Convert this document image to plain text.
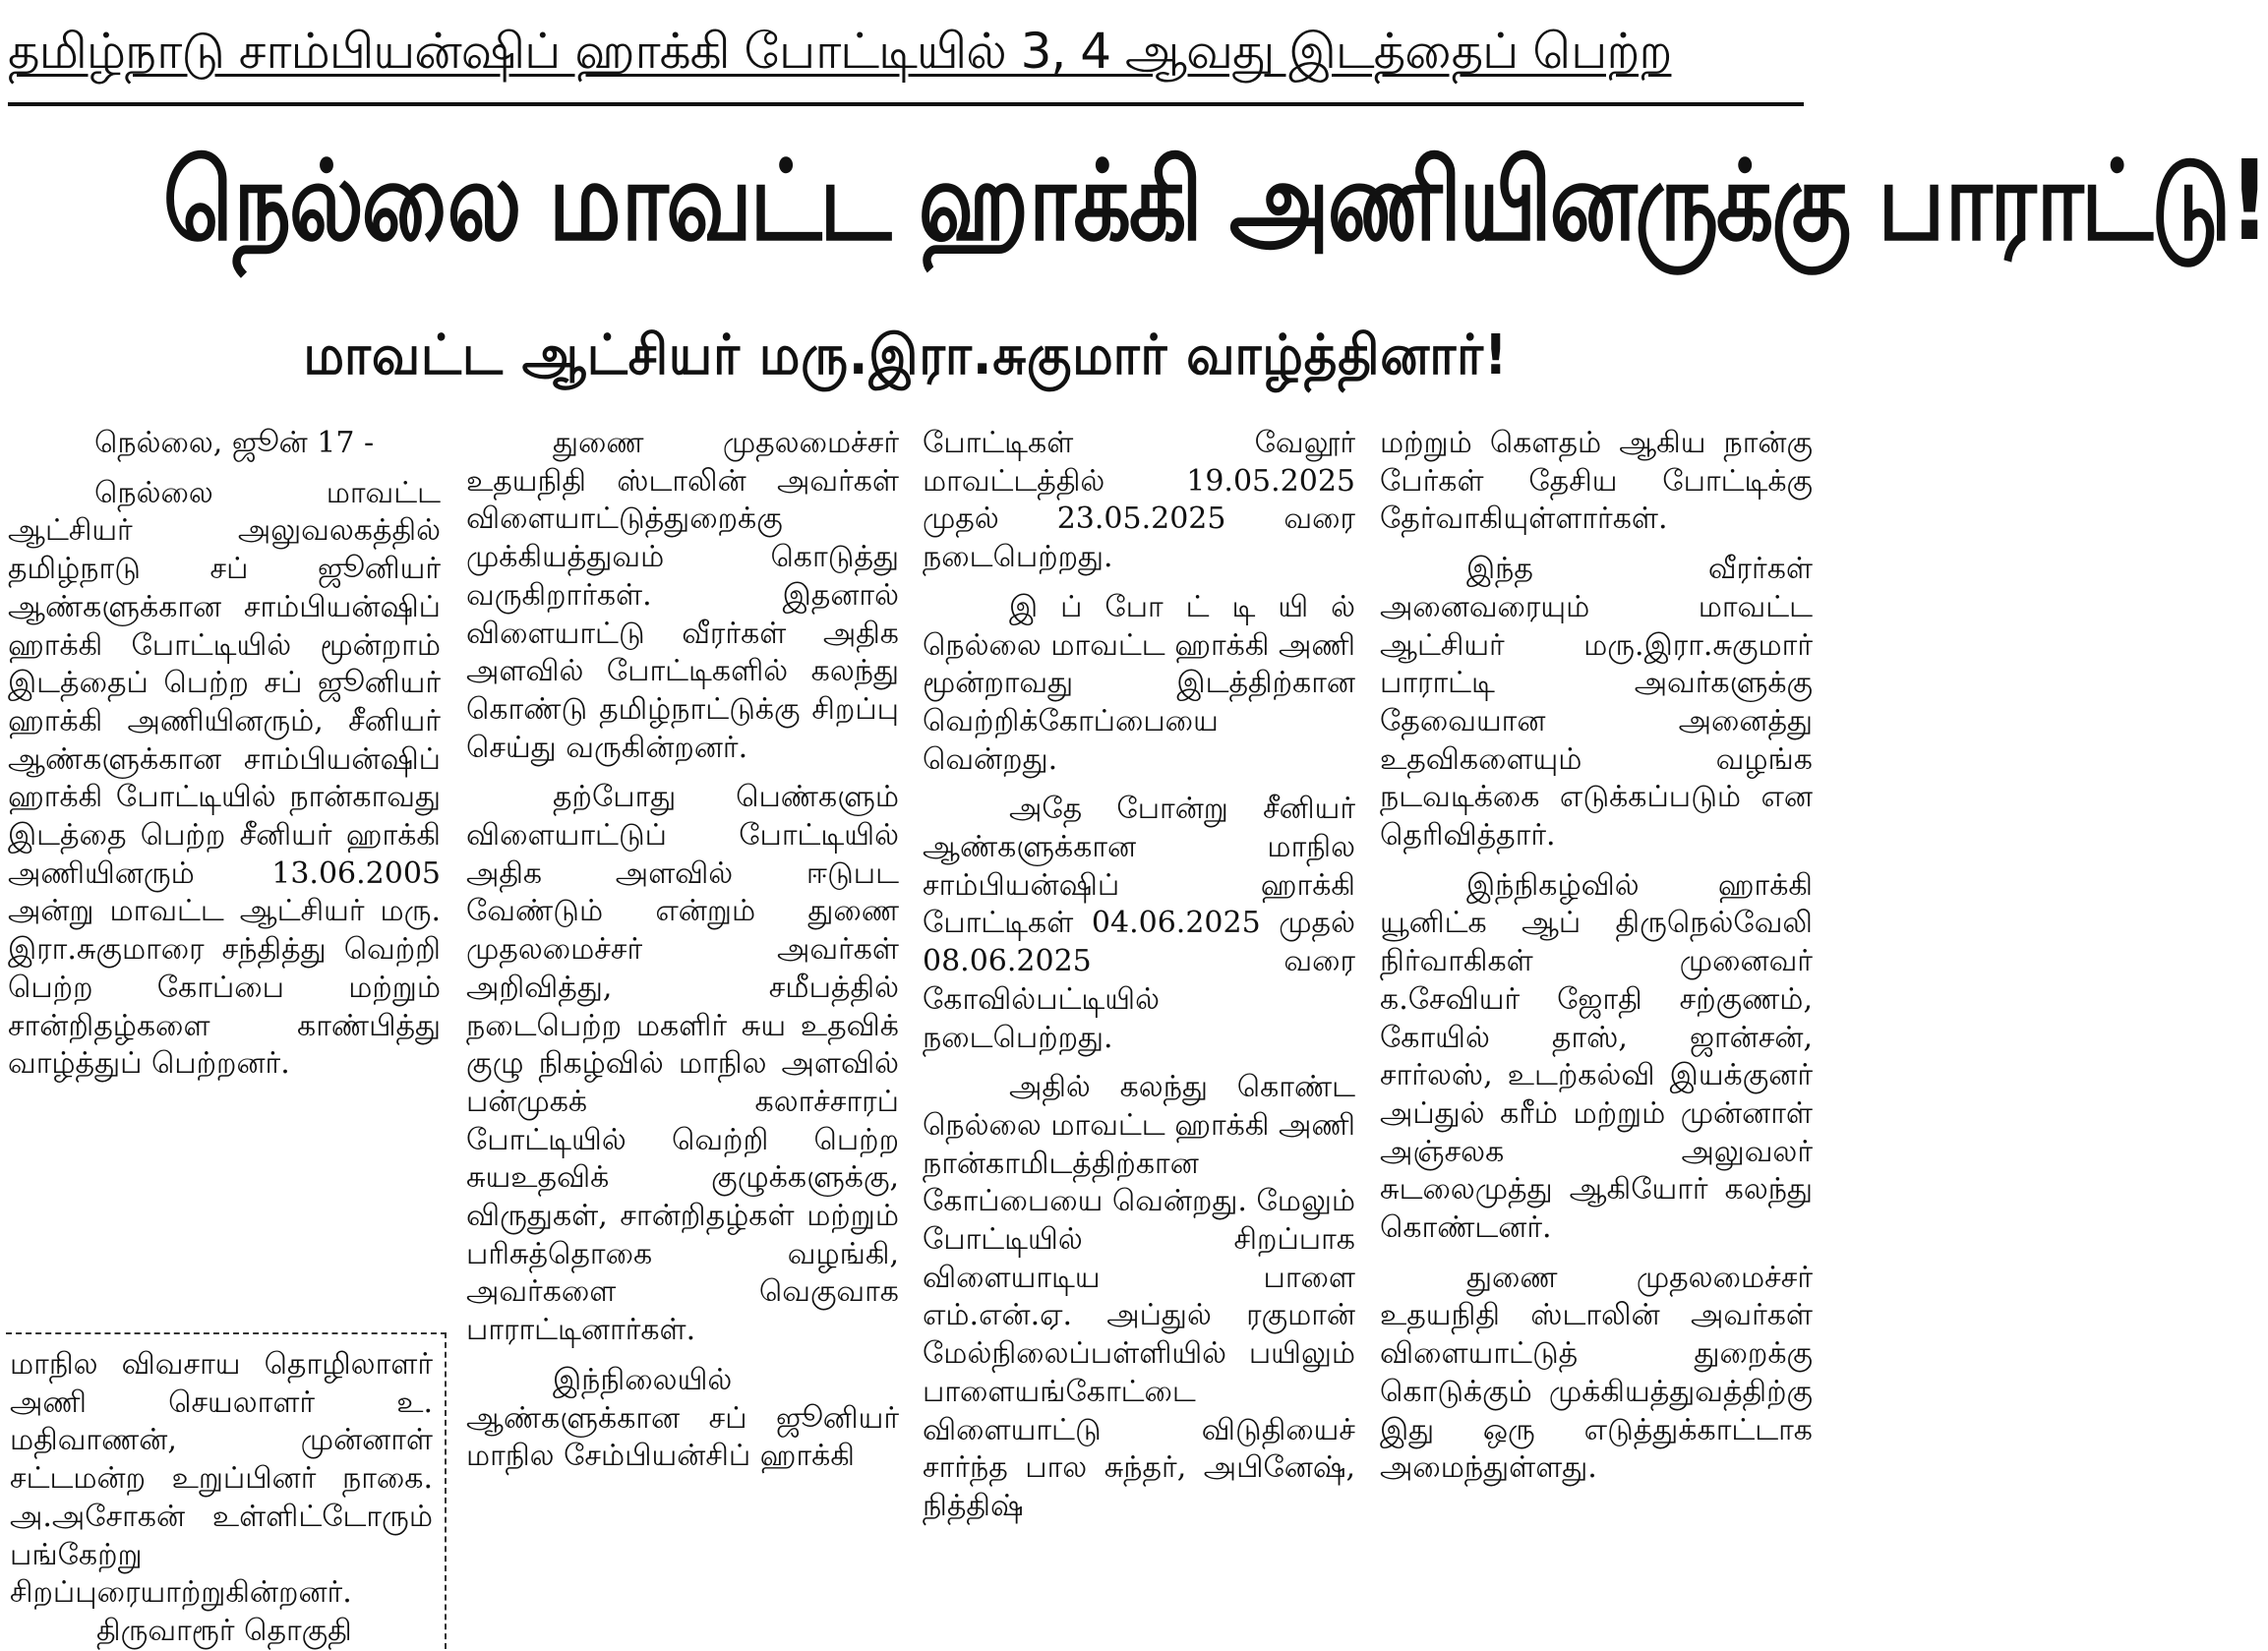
தமிழ்நாடு சாம்பியன்ஷிப் ஹாக்கி போட்டியில் 3, 4 ஆவது இடத்தைப் பெற்ற
நெல்லை மாவட்ட ஹாக்கி அணியினருக்கு பாராட்டு!
மாவட்ட ஆட்சியர் மரு.இரா.சுகுமார் வாழ்த்தினார்!

நெல்லை, ஜூன் 17 -

நெல்லை மாவட்ட ஆட்சியர் அலுவலகத்தில் தமிழ்நாடு சப் ஜூனியர் ஆண்களுக்கான சாம்பியன்ஷிப் ஹாக்கி போட்டியில் மூன்றாம் இடத்தைப் பெற்ற சப் ஜூனியர் ஹாக்கி அணியினரும், சீனியர் ஆண்களுக்கான சாம்பியன்ஷிப் ஹாக்கி போட்டியில் நான்காவது இடத்தை பெற்ற சீனியர் ஹாக்கி அணியினரும் 13.06.2005 அன்று மாவட்ட ஆட்சியர் மரு. இரா.சுகுமாரை சந்தித்து வெற்றி பெற்ற கோப்பை மற்றும் சான்றிதழ்களை காண்பித்து வாழ்த்துப் பெற்றனர்.

துணை முதலமைச்சர் உதயநிதி ஸ்டாலின் அவர்கள் விளையாட்டுத்துறைக்கு முக்கியத்துவம் கொடுத்து வருகிறார்கள். இதனால் விளையாட்டு வீரர்கள் அதிக அளவில் போட்டிகளில் கலந்து கொண்டு தமிழ்நாட்டுக்கு சிறப்பு செய்து வருகின்றனர்.

தற்போது பெண்களும் விளையாட்டுப் போட்டியில் அதிக அளவில் ஈடுபட வேண்டும் என்றும் துணை முதலமைச்சர் அவர்கள் அறிவித்து, சமீபத்தில் நடைபெற்ற மகளிர் சுய உதவிக் குழு நிகழ்வில் மாநில அளவில் பன்முகக் கலாச்சாரப் போட்டியில் வெற்றி பெற்ற சுயஉதவிக் குழுக்களுக்கு, விருதுகள், சான்றிதழ்கள் மற்றும் பரிசுத்தொகை வழங்கி, அவர்களை வெகுவாக பாராட்டினார்கள்.

இந்நிலையில் ஆண்களுக்கான சப் ஜூனியர் மாநில சேம்பியன்சிப் ஹாக்கி

போட்டிகள் வேலூர் மாவட்டத்தில் 19.05.2025 முதல் 23.05.2025 வரை நடைபெற்றது.

இ ப் போ ட் டி யி ல் நெல்லை மாவட்ட ஹாக்கி அணி மூன்றாவது இடத்திற்கான வெற்றிக்கோப்பையை வென்றது.

அதே போன்று சீனியர் ஆண்களுக்கான மாநில சாம்பியன்ஷிப் ஹாக்கி போட்டிகள் 04.06.2025 முதல் 08.06.2025 வரை கோவில்பட்டியில் நடைபெற்றது.

அதில் கலந்து கொண்ட நெல்லை மாவட்ட ஹாக்கி அணி நான்காமிடத்திற்கான கோப்பையை வென்றது. மேலும் போட்டியில் சிறப்பாக விளையாடிய பாளை எம்.என்.ஏ. அப்துல் ரகுமான் மேல்நிலைப்பள்ளியில் பயிலும் பாளையங்கோட்டை விளையாட்டு விடுதியைச் சார்ந்த பால சுந்தர், அபினேஷ், நித்திஷ்

மற்றும் கௌதம் ஆகிய நான்கு பேர்கள் தேசிய போட்டிக்கு தேர்வாகியுள்ளார்கள்.

இந்த வீரர்கள் அனைவரையும் மாவட்ட ஆட்சியர் மரு.இரா.சுகுமார் பாராட்டி அவர்களுக்கு தேவையான அனைத்து உதவிகளையும் வழங்க நடவடிக்கை எடுக்கப்படும் என தெரிவித்தார்.

இந்நிகழ்வில் ஹாக்கி யூனிட்க ஆப் திருநெல்வேலி நிர்வாகிகள் முனைவர் க.சேவியர் ஜோதி சற்குணம், கோயில் தாஸ், ஜான்சன், சார்லஸ், உடற்கல்வி இயக்குனர் அப்துல் கரீம் மற்றும் முன்னாள் அஞ்சலக அலுவலர் சுடலைமுத்து ஆகியோர் கலந்து கொண்டனர்.

துணை முதலமைச்சர் உதயநிதி ஸ்டாலின் அவர்கள் விளையாட்டுத் துறைக்கு கொடுக்கும் முக்கியத்துவத்திற்கு இது ஒரு எடுத்துக்காட்டாக அமைந்துள்ளது.

மாநில விவசாய தொழிலாளர் அணி செயலாளர் உ. மதிவாணன், முன்னாள் சட்டமன்ற உறுப்பினர் நாகை. அ.அசோகன் உள்ளிட்டோரும் பங்கேற்று சிறப்புரையாற்றுகின்றனர்.

திருவாரூர் தொகுதி
